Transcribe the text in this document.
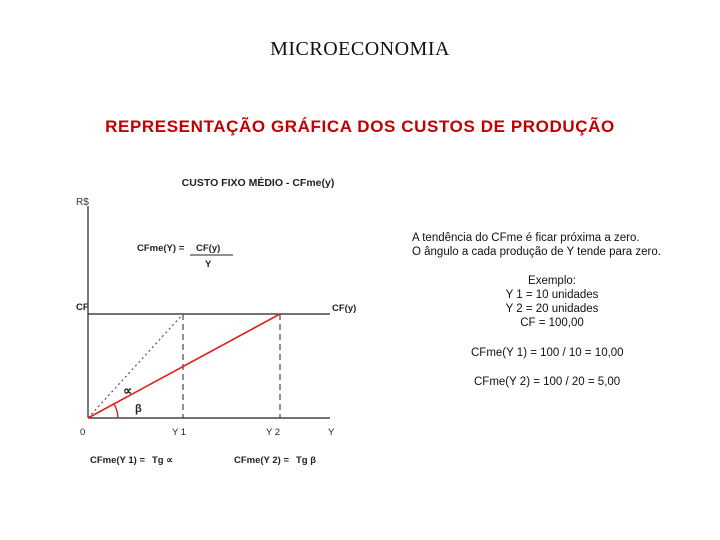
MICROECONOMIA
REPRESENTAÇÃO GRÁFICA DOS CUSTOS DE PRODUÇÃO
CUSTO FIXO MÉDIO - CFme(y)
R$
CF	CF(y)
0	Y 1	Y 2	Y
∝
β
CFme(Y) = CF(y)
Y
CFme(Y 1) = Tg ∝	CFme(Y 2) = Tg β
A tendência do CFme é ficar próxima a zero.
O ângulo a cada produção de Y tende para zero.
Exemplo:
Y 1 = 10 unidades
Y 2 = 20 unidades
CF = 100,00
CFme(Y 1) = 100 / 10 = 10,00
CFme(Y 2) = 100 / 20 = 5,00
